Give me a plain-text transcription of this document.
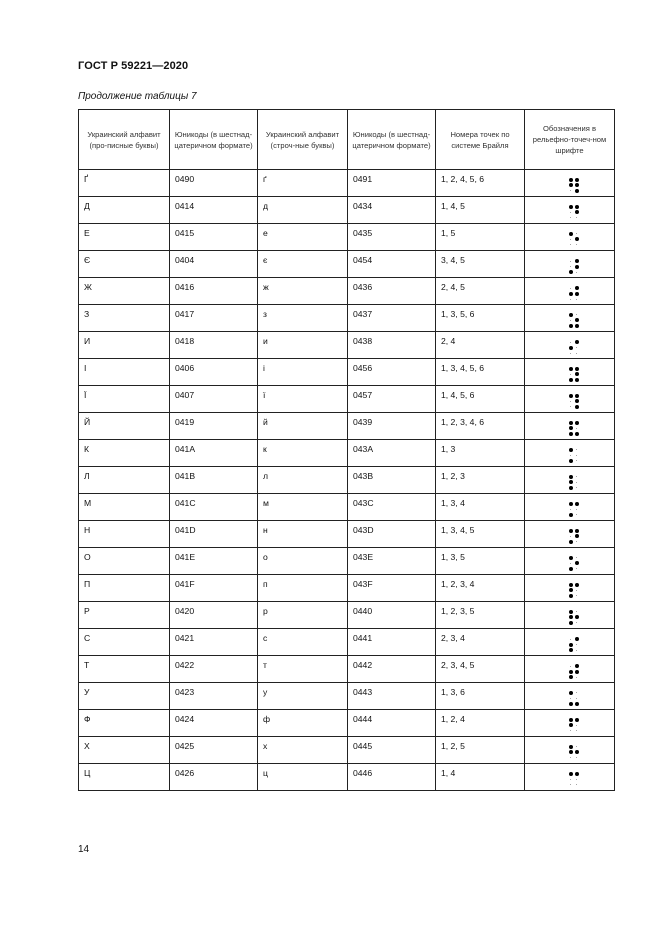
ГОСТ Р 59221—2020
Продолжение таблицы 7
Украинский алфавит (про-писные буквы)	Юникоды (в шестнад-цатеричном формате)	Украинский алфавит (строч-ные буквы)	Юникоды (в шестнад-цатеричном формате)	Номера точек по системе Брайля	Обозначения в рельефно-точеч-ном шрифте
Ґ	0490	ґ	0491	1, 2, 4, 5, 6	

Д	0414	д	0434	1, 4, 5	

Е	0415	е	0435	1, 5	

Є	0404	є	0454	3, 4, 5	

Ж	0416	ж	0436	2, 4, 5	

З	0417	з	0437	1, 3, 5, 6	

И	0418	и	0438	2, 4	

І	0406	і	0456	1, 3, 4, 5, 6	

Ї	0407	ї	0457	1, 4, 5, 6	

Й	0419	й	0439	1, 2, 3, 4, 6	

К	041A	к	043A	1, 3	

Л	041B	л	043B	1, 2, 3	

М	041C	м	043C	1, 3, 4	

Н	041D	н	043D	1, 3, 4, 5	

О	041E	о	043E	1, 3, 5	

П	041F	п	043F	1, 2, 3, 4	

Р	0420	р	0440	1, 2, 3, 5	

С	0421	с	0441	2, 3, 4	

Т	0422	т	0442	2, 3, 4, 5	

У	0423	у	0443	1, 3, 6	

Ф	0424	ф	0444	1, 2, 4	

Х	0425	х	0445	1, 2, 5	

Ц	0426	ц	0446	1, 4	
14
